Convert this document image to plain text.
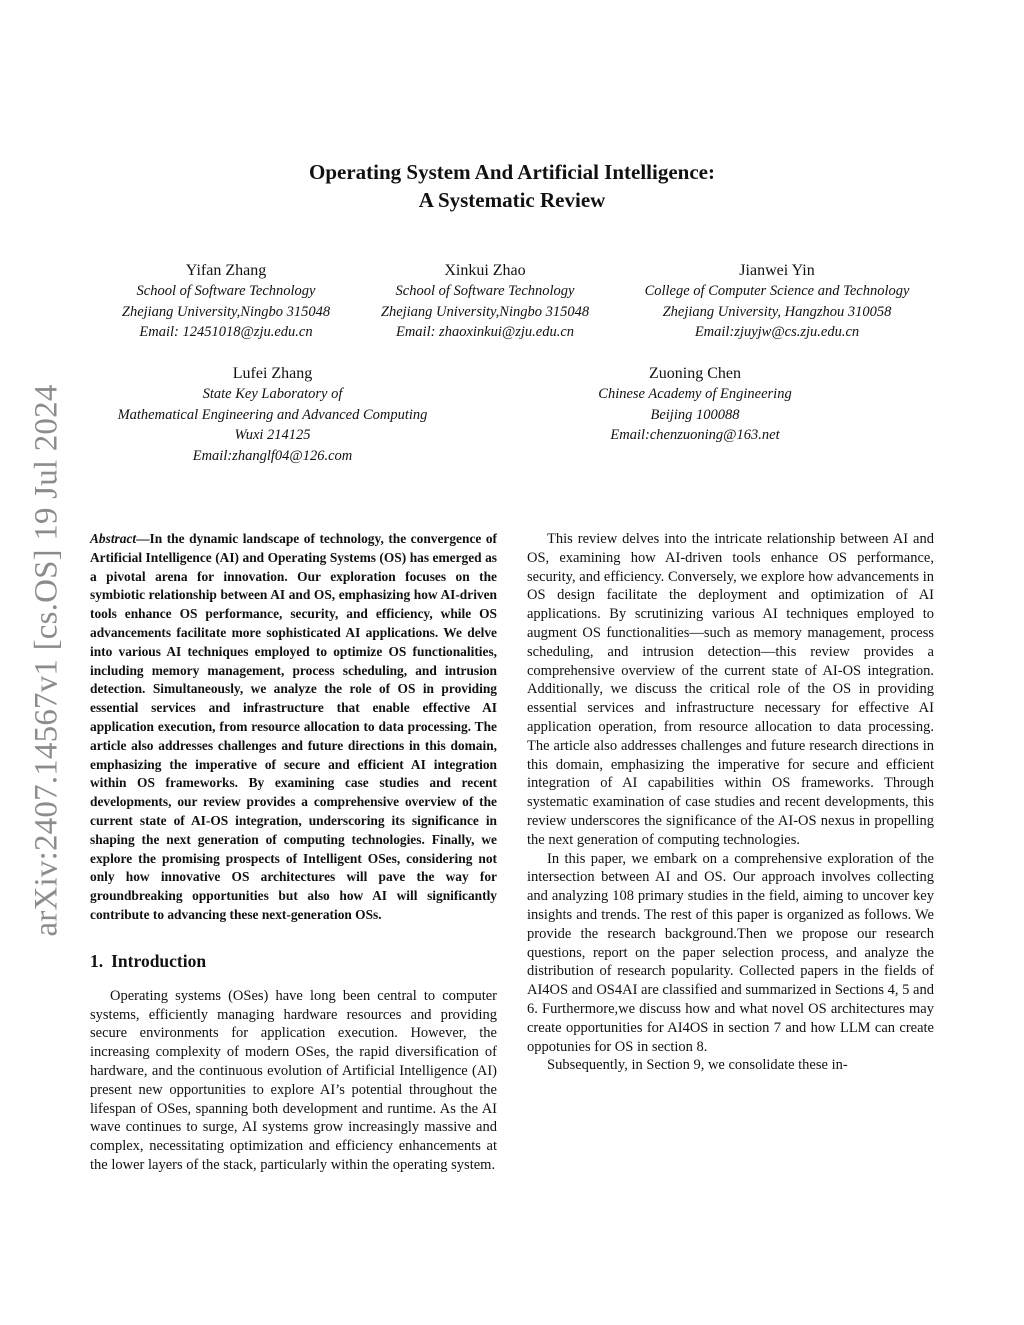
arXiv:2407.14567v1 [cs.OS] 19 Jul 2024
Operating System And Artificial Intelligence:
A Systematic Review
Yifan Zhang
School of Software Technology
Zhejiang University,Ningbo 315048
Email: 12451018@zju.edu.cn
Xinkui Zhao
School of Software Technology
Zhejiang University,Ningbo 315048
Email: zhaoxinkui@zju.edu.cn
Jianwei Yin
College of Computer Science and Technology
Zhejiang University, Hangzhou 310058
Email:zjuyjw@cs.zju.edu.cn
Lufei Zhang
State Key Laboratory of
Mathematical Engineering and Advanced Computing
Wuxi 214125
Email:zhanglf04@126.com
Zuoning Chen
Chinese Academy of Engineering
Beijing 100088
Email:chenzuoning@163.net

Abstract—In the dynamic landscape of technology, the convergence of Artificial Intelligence (AI) and Operating Systems (OS) has emerged as a pivotal arena for innovation. Our exploration focuses on the symbiotic relationship between AI and OS, emphasizing how AI-driven tools enhance OS performance, security, and efficiency, while OS advancements facilitate more sophisticated AI applications. We delve into various AI techniques employed to optimize OS functionalities, including memory management, process scheduling, and intrusion detection. Simultaneously, we analyze the role of OS in providing essential services and infrastructure that enable effective AI application execution, from resource allocation to data processing. The article also addresses challenges and future directions in this domain, emphasizing the imperative of secure and efficient AI integration within OS frameworks. By examining case studies and recent developments, our review provides a comprehensive overview of the current state of AI-OS integration, underscoring its significance in shaping the next generation of computing technologies. Finally, we explore the promising prospects of Intelligent OSes, considering not only how innovative OS architectures will pave the way for groundbreaking opportunities but also how AI will significantly contribute to advancing these next-generation OSs.

1. Introduction

Operating systems (OSes) have long been central to computer systems, efficiently managing hardware resources and providing secure environments for application execution. However, the increasing complexity of modern OSes, the rapid diversification of hardware, and the continuous evolution of Artificial Intelligence (AI) present new opportunities to explore AI’s potential throughout the lifespan of OSes, spanning both development and runtime. As the AI wave continues to surge, AI systems grow increasingly massive and complex, necessitating optimization and efficiency enhancements at the lower layers of the stack, particularly within the operating system.

This review delves into the intricate relationship between AI and OS, examining how AI-driven tools enhance OS performance, security, and efficiency. Conversely, we explore how advancements in OS design facilitate the deployment and optimization of AI applications. By scrutinizing various AI techniques employed to augment OS functionalities—such as memory management, process scheduling, and intrusion detection—this review provides a comprehensive overview of the current state of AI-OS integration. Additionally, we discuss the critical role of the OS in providing essential services and infrastructure necessary for effective AI application operation, from resource allocation to data processing. The article also addresses challenges and future research directions in this domain, emphasizing the imperative for secure and efficient integration of AI capabilities within OS frameworks. Through systematic examination of case studies and recent developments, this review underscores the significance of the AI-OS nexus in propelling the next generation of computing technologies.

In this paper, we embark on a comprehensive exploration of the intersection between AI and OS. Our approach involves collecting and analyzing 108 primary studies in the field, aiming to uncover key insights and trends. The rest of this paper is organized as follows. We provide the research background.Then we propose our research questions, report on the paper selection process, and analyze the distribution of research popularity. Collected papers in the fields of AI4OS and OS4AI are classified and summarized in Sections 4, 5 and 6. Furthermore,we discuss how and what novel OS architectures may create opportunities for AI4OS in section 7 and how LLM can create oppotunies for OS in section 8.

Subsequently, in Section 9, we consolidate these in-
